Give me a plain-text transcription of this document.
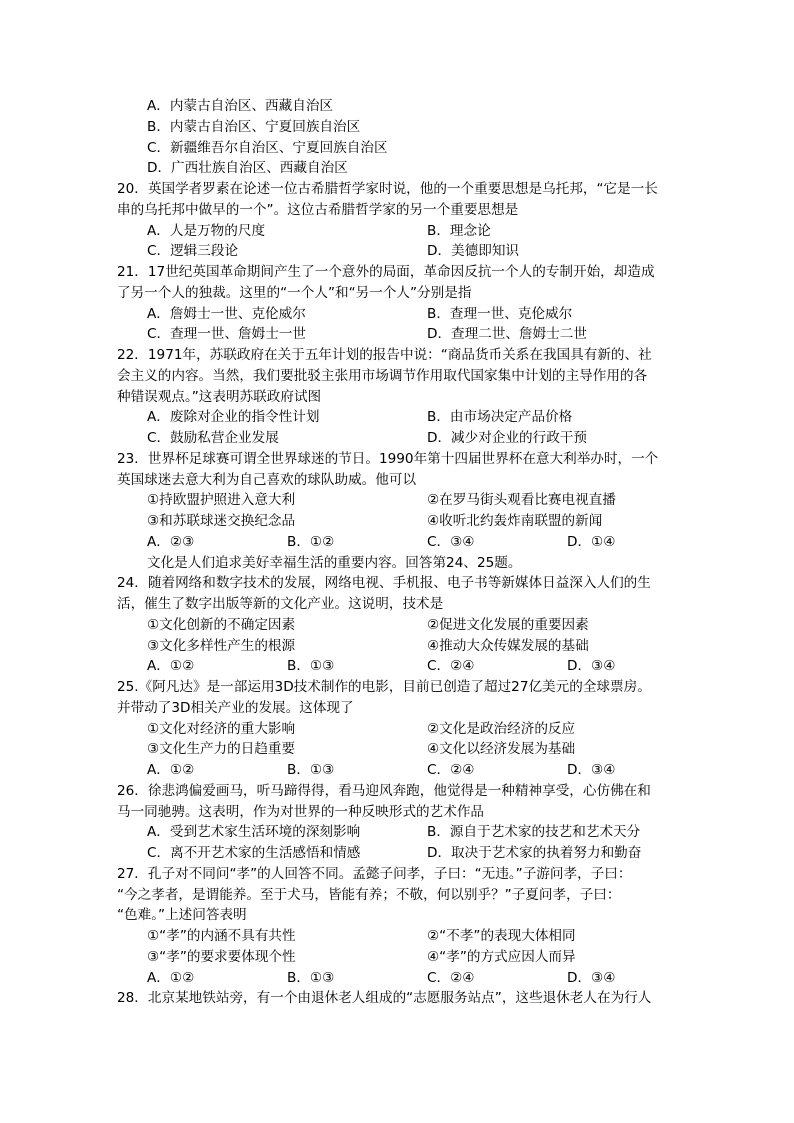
A．内蒙古自治区、西藏自治区
B．内蒙古自治区、宁夏回族自治区
C．新疆维吾尔自治区、宁夏回族自治区
D．广西壮族自治区、西藏自治区
20．英国学者罗素在论述一位古希腊哲学家时说，他的一个重要思想是乌托邦，“它是一长
串的乌托邦中做早的一个”。这位古希腊哲学家的另一个重要思想是
A．人是万物的尺度	B．理念论
C．逻辑三段论	D．美德即知识
21．17世纪英国革命期间产生了一个意外的局面，革命因反抗一个人的专制开始，却造成
了另一个人的独裁。这里的“一个人”和“另一个人”分别是指
A．詹姆士一世、克伦威尔	B．查理一世、克伦威尔
C．查理一世、詹姆士一世	D．查理二世、詹姆士二世
22．1971年，苏联政府在关于五年计划的报告中说：“商品货币关系在我国具有新的、社
会主义的内容。当然，我们要批驳主张用市场调节作用取代国家集中计划的主导作用的各
种错误观点。”这表明苏联政府试图
A．废除对企业的指令性计划	B．由市场决定产品价格
C．鼓励私营企业发展	D．减少对企业的行政干预
23．世界杯足球赛可谓全世界球迷的节日。1990年第十四届世界杯在意大利举办时，一个
英国球迷去意大利为自己喜欢的球队助威。他可以
①持欧盟护照进入意大利	②在罗马街头观看比赛电视直播
③和苏联球迷交换纪念品	④收听北约轰炸南联盟的新闻
A．②③	B．①②	C．③④	D．①④
文化是人们追求美好幸福生活的重要内容。回答第24、25题。
24．随着网络和数字技术的发展，网络电视、手机报、电子书等新媒体日益深入人们的生
活，催生了数字出版等新的文化产业。这说明，技术是
①文化创新的不确定因素	②促进文化发展的重要因素
③文化多样性产生的根源	④推动大众传媒发展的基础
A．①②	B．①③	C．②④	D．③④
25.《阿凡达》是一部运用3D技术制作的电影，目前已创造了超过27亿美元的全球票房。
并带动了3D相关产业的发展。这体现了
①文化对经济的重大影响	②文化是政治经济的反应
③文化生产力的日趋重要	④文化以经济发展为基础
A．①②	B．①③	C．②④	D．③④
26．徐悲鸿偏爱画马，听马蹄得得，看马迎风奔跑，他觉得是一种精神享受，心仿佛在和
马一同驰骋。这表明，作为对世界的一种反映形式的艺术作品
A．受到艺术家生活环境的深刻影响	B．源自于艺术家的技艺和艺术天分
C．离不开艺术家的生活感悟和情感	D．取决于艺术家的执着努力和勤奋
27．孔子对不同问“孝”的人回答不同。孟懿子问孝，子曰：“无违。”子游问孝，子曰：
“今之孝者，是谓能养。至于犬马，皆能有养；不敬，何以别乎？”子夏问孝，子曰：
“色难。”上述问答表明
①“孝”的内涵不具有共性	②“不孝”的表现大体相同
③“孝”的要求要体现个性	④“孝”的方式应因人而异
A．①②	B．①③	C．②④	D．③④
28．北京某地铁站旁，有一个由退休老人组成的“志愿服务站点”，这些退休老人在为行人
